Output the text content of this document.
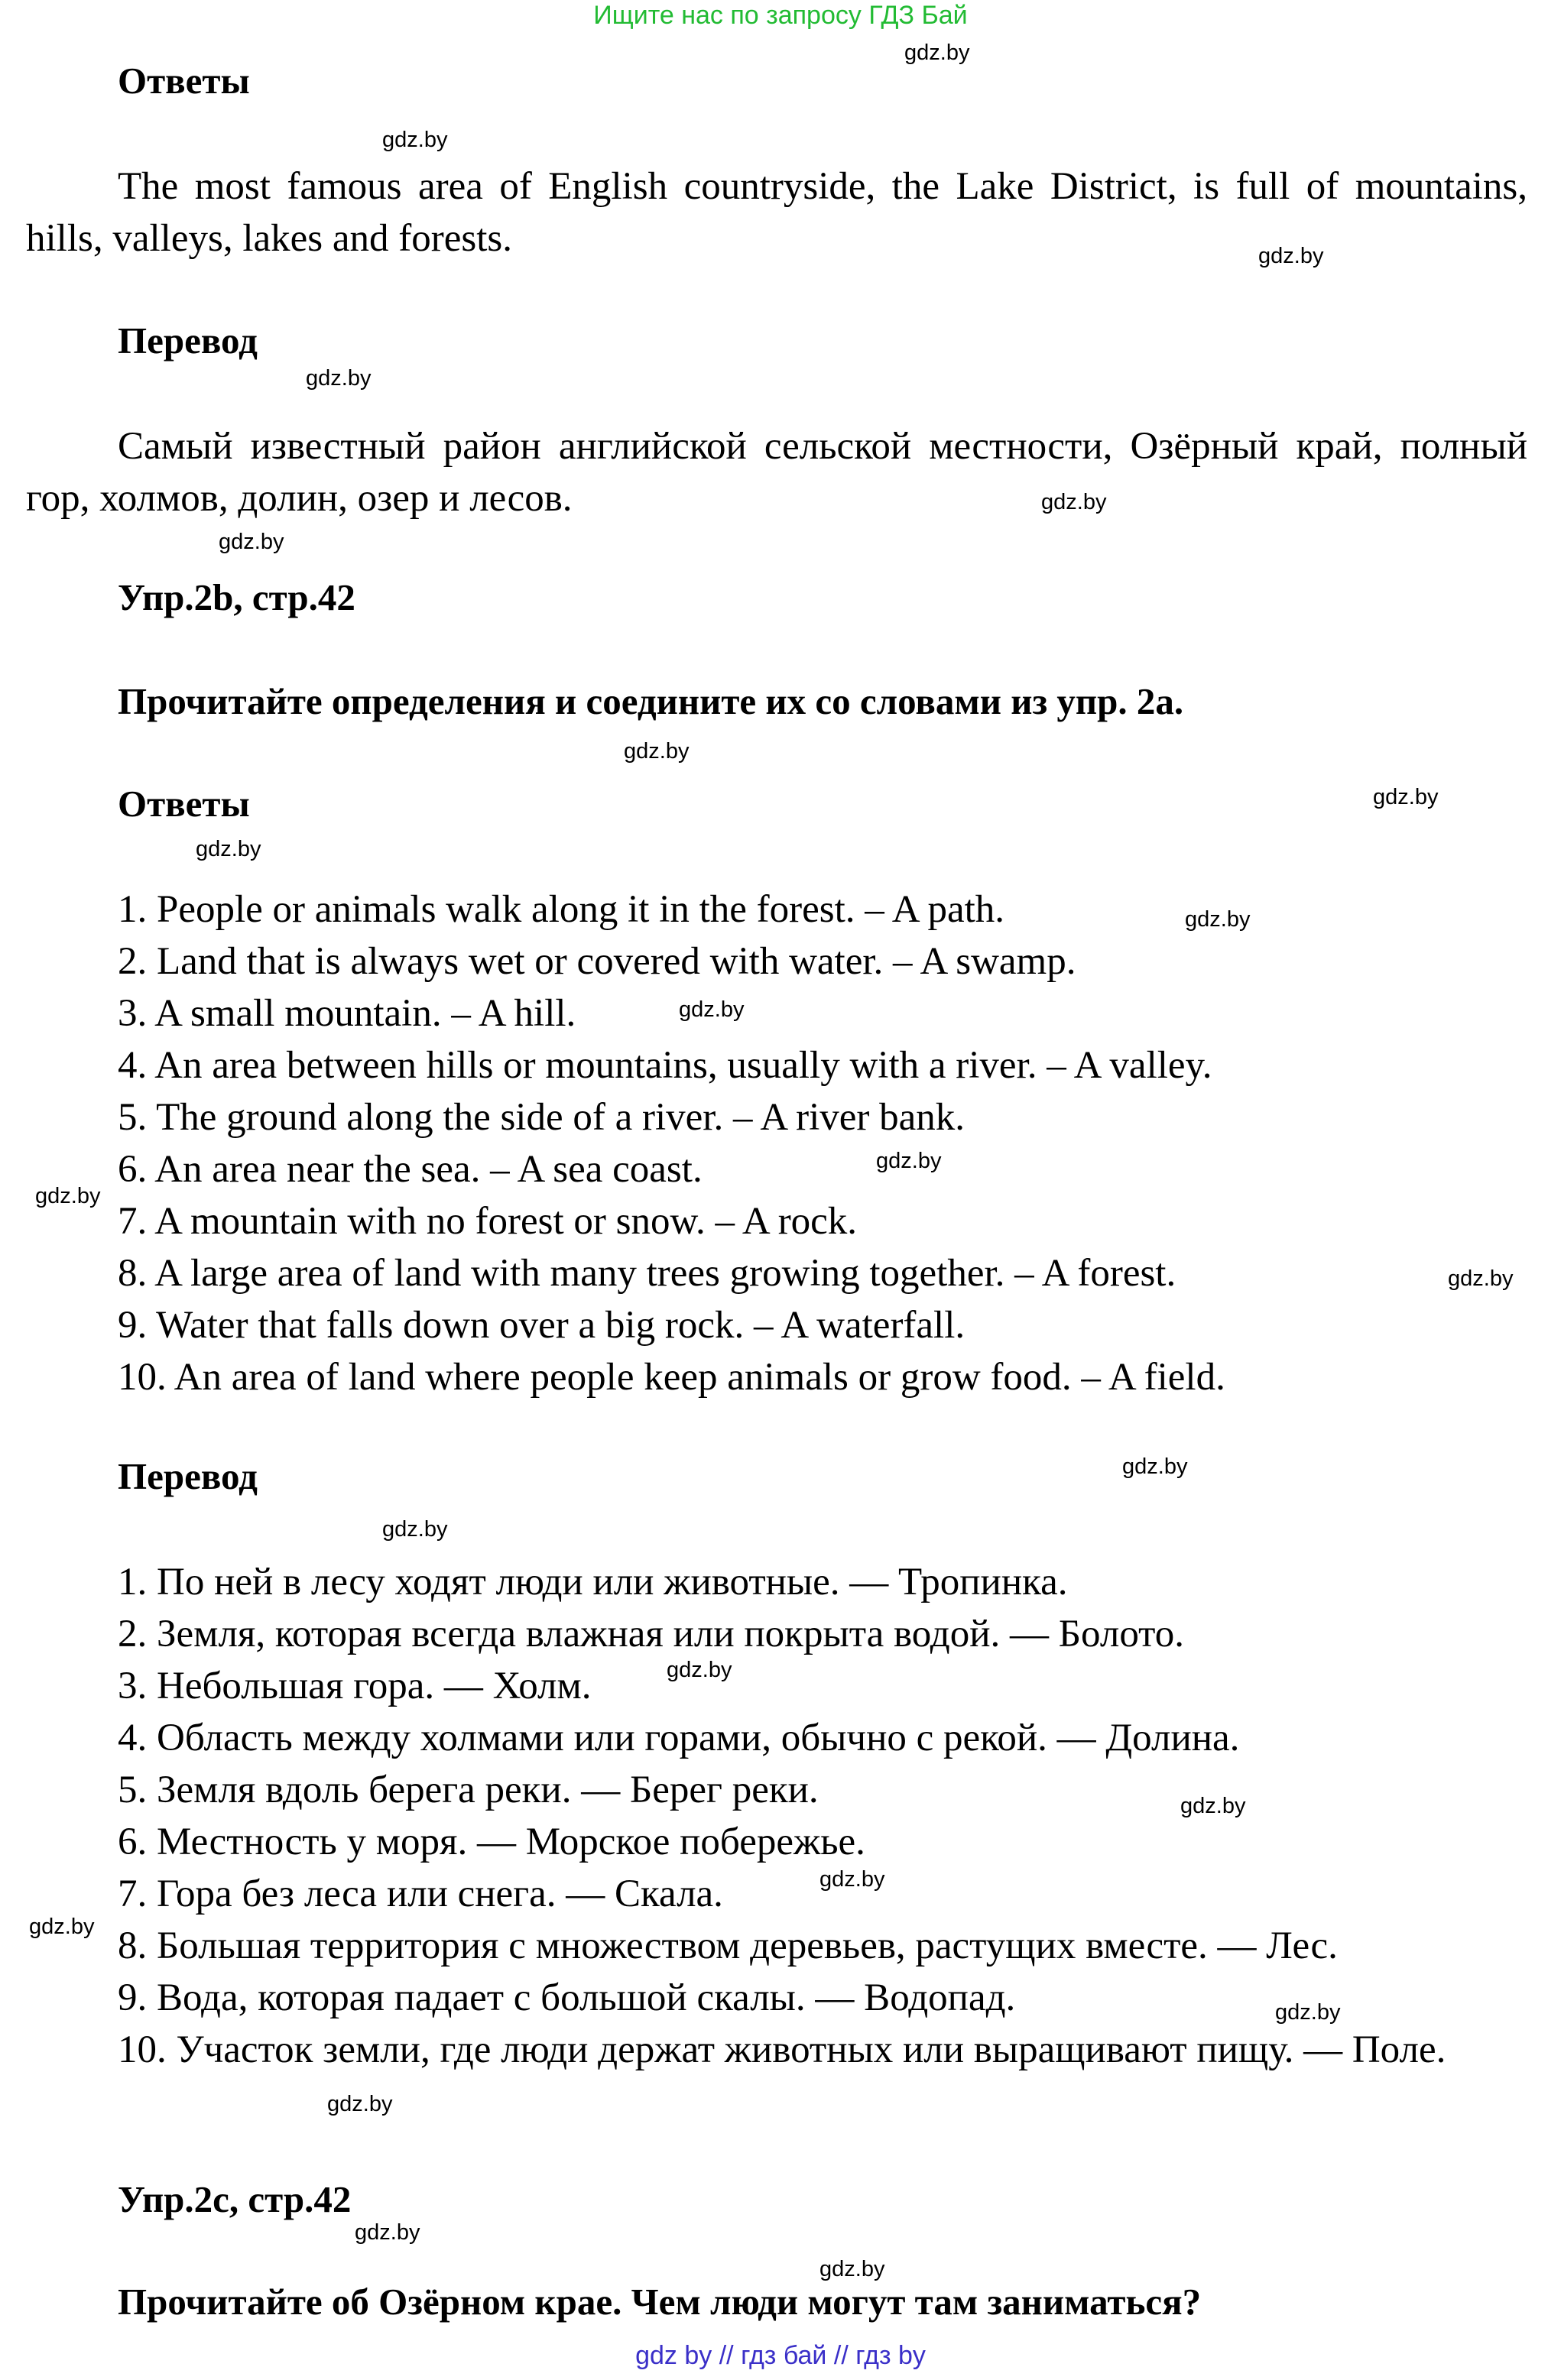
Ищите нас по запросу ГДЗ Бай
Ответы
The most famous area of English countryside, the Lake District, is full of mountains, hills, valleys, lakes and forests.
Перевод
Самый известный район английской сельской местности, Озёрный край, полный гор, холмов, долин, озер и лесов.
Упр.2b, стр.42
Прочитайте определения и соедините их со словами из упр. 2а.
Ответы
1. People or animals walk along it in the forest. – A path.
2. Land that is always wet or covered with water. – A swamp.
3. A small mountain. – A hill.
4. An area between hills or mountains, usually with a river. – A valley.
5. The ground along the side of a river. – A river bank.
6. An area near the sea. – A sea coast.
7. A mountain with no forest or snow. – A rock.
8. A large area of land with many trees growing together. – A forest.
9. Water that falls down over a big rock. – A waterfall.
10. An area of land where people keep animals or grow food. – A field.
Перевод
1. По ней в лесу ходят люди или животные. — Тропинка.
2. Земля, которая всегда влажная или покрыта водой. — Болото.
3. Небольшая гора. — Холм.
4. Область между холмами или горами, обычно с рекой. — Долина.
5. Земля вдоль берега реки. — Берег реки.
6. Местность у моря. — Морское побережье.
7. Гора без леса или снега. — Скала.
8. Большая территория с множеством деревьев, растущих вместе. — Лес.
9. Вода, которая падает с большой скалы. — Водопад.
10. Участок земли, где люди держат животных или выращивают пищу. — Поле.
Упр.2c, стр.42
Прочитайте об Озёрном крае. Чем люди могут там заниматься?
gdz.by
gdz.by
gdz.by
gdz.by
gdz.by
gdz.by
gdz.by
gdz.by
gdz.by
gdz.by
gdz.by
gdz.by
gdz.by
gdz.by
gdz.by
gdz.by
gdz.by
gdz.by
gdz.by
gdz.by
gdz.by
gdz.by
gdz.by
gdz.by
gdz by // гдз бай // гдз by
